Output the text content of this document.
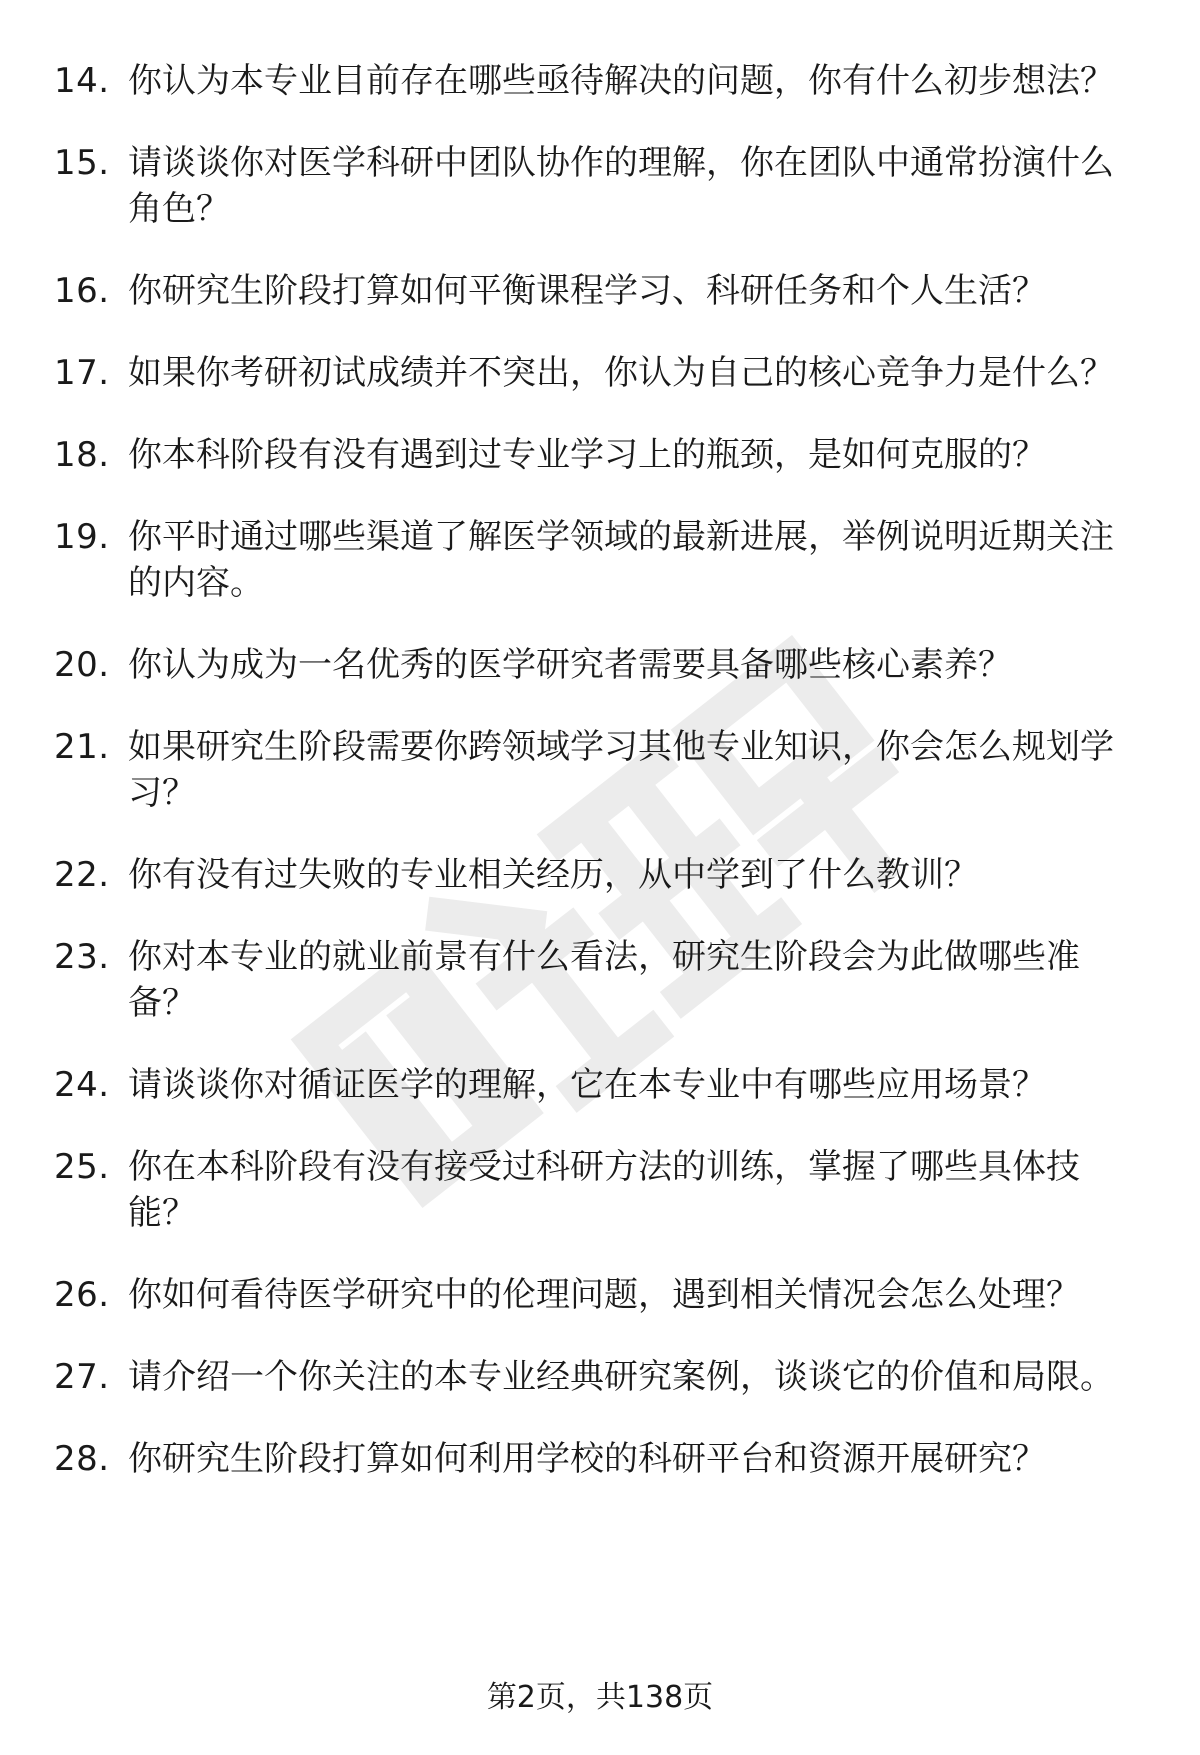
14. 你认为本专业目前存在哪些亟待解决的问题，你有什么初步想法？
15. 请谈谈你对医学科研中团队协作的理解，你在团队中通常扮演什么角色？
16. 你研究生阶段打算如何平衡课程学习、科研任务和个人生活？
17. 如果你考研初试成绩并不突出，你认为自己的核心竞争力是什么？
18. 你本科阶段有没有遇到过专业学习上的瓶颈，是如何克服的？
19. 你平时通过哪些渠道了解医学领域的最新进展，举例说明近期关注的内容。
20. 你认为成为一名优秀的医学研究者需要具备哪些核心素养？
21. 如果研究生阶段需要你跨领域学习其他专业知识，你会怎么规划学习？
22. 你有没有过失败的专业相关经历，从中学到了什么教训？
23. 你对本专业的就业前景有什么看法，研究生阶段会为此做哪些准备？
24. 请谈谈你对循证医学的理解，它在本专业中有哪些应用场景？
25. 你在本科阶段有没有接受过科研方法的训练，掌握了哪些具体技能？
26. 你如何看待医学研究中的伦理问题，遇到相关情况会怎么处理？
27. 请介绍一个你关注的本专业经典研究案例，谈谈它的价值和局限。
28. 你研究生阶段打算如何利用学校的科研平台和资源开展研究？
第2页，共138页
